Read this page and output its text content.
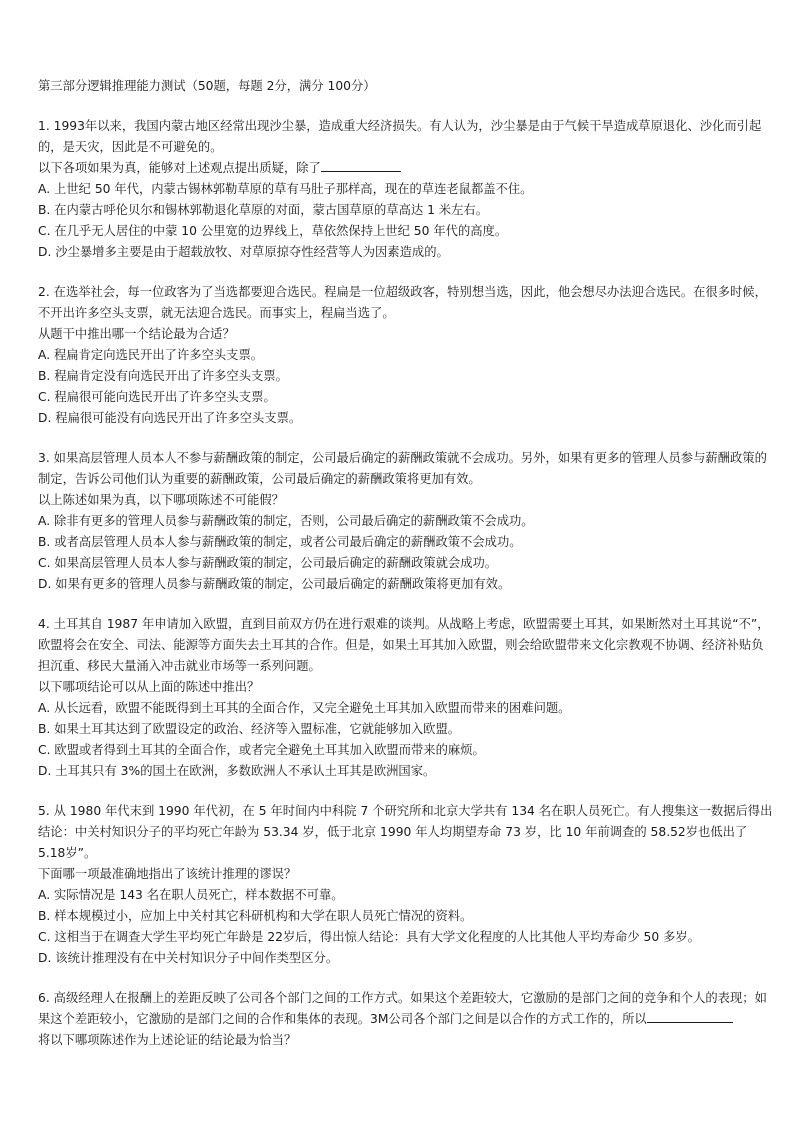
第三部分逻辑推理能力测试（50题，每题 2分，满分 100分）

1. 1993年以来，我国内蒙古地区经常出现沙尘暴，造成重大经济损失。有人认为，沙尘暴是由于气候干旱造成草原退化、沙化而引起的，是天灾，因此是不可避免的。

以下各项如果为真，能够对上述观点提出质疑，除了

A. 上世纪 50 年代，内蒙古锡林郭勒草原的草有马肚子那样高，现在的草连老鼠都盖不住。

B. 在内蒙古呼伦贝尔和锡林郭勒退化草原的对面，蒙古国草原的草高达 1 米左右。

C. 在几乎无人居住的中蒙 10 公里宽的边界线上，草依然保持上世纪 50 年代的高度。

D. 沙尘暴增多主要是由于超载放牧、对草原掠夺性经营等人为因素造成的。

2. 在选举社会，每一位政客为了当选都要迎合选民。程扁是一位超级政客，特别想当选，因此，他会想尽办法迎合选民。在很多时候，不开出许多空头支票，就无法迎合选民。而事实上，程扁当选了。

从题干中推出哪一个结论最为合适？

A. 程扁肯定向选民开出了许多空头支票。

B. 程扁肯定没有向选民开出了许多空头支票。

C. 程扁很可能向选民开出了许多空头支票。

D. 程扁很可能没有向选民开出了许多空头支票。

3. 如果高层管理人员本人不参与薪酬政策的制定，公司最后确定的薪酬政策就不会成功。另外，如果有更多的管理人员参与薪酬政策的制定，告诉公司他们认为重要的薪酬政策，公司最后确定的薪酬政策将更加有效。

以上陈述如果为真，以下哪项陈述不可能假？

A. 除非有更多的管理人员参与薪酬政策的制定，否则，公司最后确定的薪酬政策不会成功。

B. 或者高层管理人员本人参与薪酬政策的制定，或者公司最后确定的薪酬政策不会成功。

C. 如果高层管理人员本人参与薪酬政策的制定，公司最后确定的薪酬政策就会成功。

D. 如果有更多的管理人员参与薪酬政策的制定，公司最后确定的薪酬政策将更加有效。

4. 土耳其自 1987 年申请加入欧盟，直到目前双方仍在进行艰难的谈判。从战略上考虑，欧盟需要土耳其，如果断然对土耳其说“不”，欧盟将会在安全、司法、能源等方面失去土耳其的合作。但是，如果土耳其加入欧盟，则会给欧盟带来文化宗教观不协调、经济补贴负担沉重、移民大量涌入冲击就业市场等一系列问题。

以下哪项结论可以从上面的陈述中推出？

A. 从长远看，欧盟不能既得到土耳其的全面合作，又完全避免土耳其加入欧盟而带来的困难问题。

B. 如果土耳其达到了欧盟设定的政治、经济等入盟标准，它就能够加入欧盟。

C. 欧盟或者得到土耳其的全面合作，或者完全避免土耳其加入欧盟而带来的麻烦。

D. 土耳其只有 3%的国土在欧洲，多数欧洲人不承认土耳其是欧洲国家。

5. 从 1980 年代末到 1990 年代初，在 5 年时间内中科院 7 个研究所和北京大学共有 134 名在职人员死亡。有人搜集这一数据后得出结论：中关村知识分子的平均死亡年龄为 53.34 岁，低于北京 1990 年人均期望寿命 73 岁，比 10 年前调查的 58.52岁也低出了 5.18岁”。

下面哪一项最准确地指出了该统计推理的谬误？

A. 实际情况是 143 名在职人员死亡，样本数据不可靠。

B. 样本规模过小，应加上中关村其它科研机构和大学在职人员死亡情况的资料。

C. 这相当于在调查大学生平均死亡年龄是 22岁后，得出惊人结论：具有大学文化程度的人比其他人平均寿命少 50 多岁。

D. 该统计推理没有在中关村知识分子中间作类型区分。

6. 高级经理人在报酬上的差距反映了公司各个部门之间的工作方式。如果这个差距较大，它激励的是部门之间的竞争和个人的表现；如果这个差距较小，它激励的是部门之间的合作和集体的表现。3M公司各个部门之间是以合作的方式工作的，所以

将以下哪项陈述作为上述论证的结论最为恰当？
